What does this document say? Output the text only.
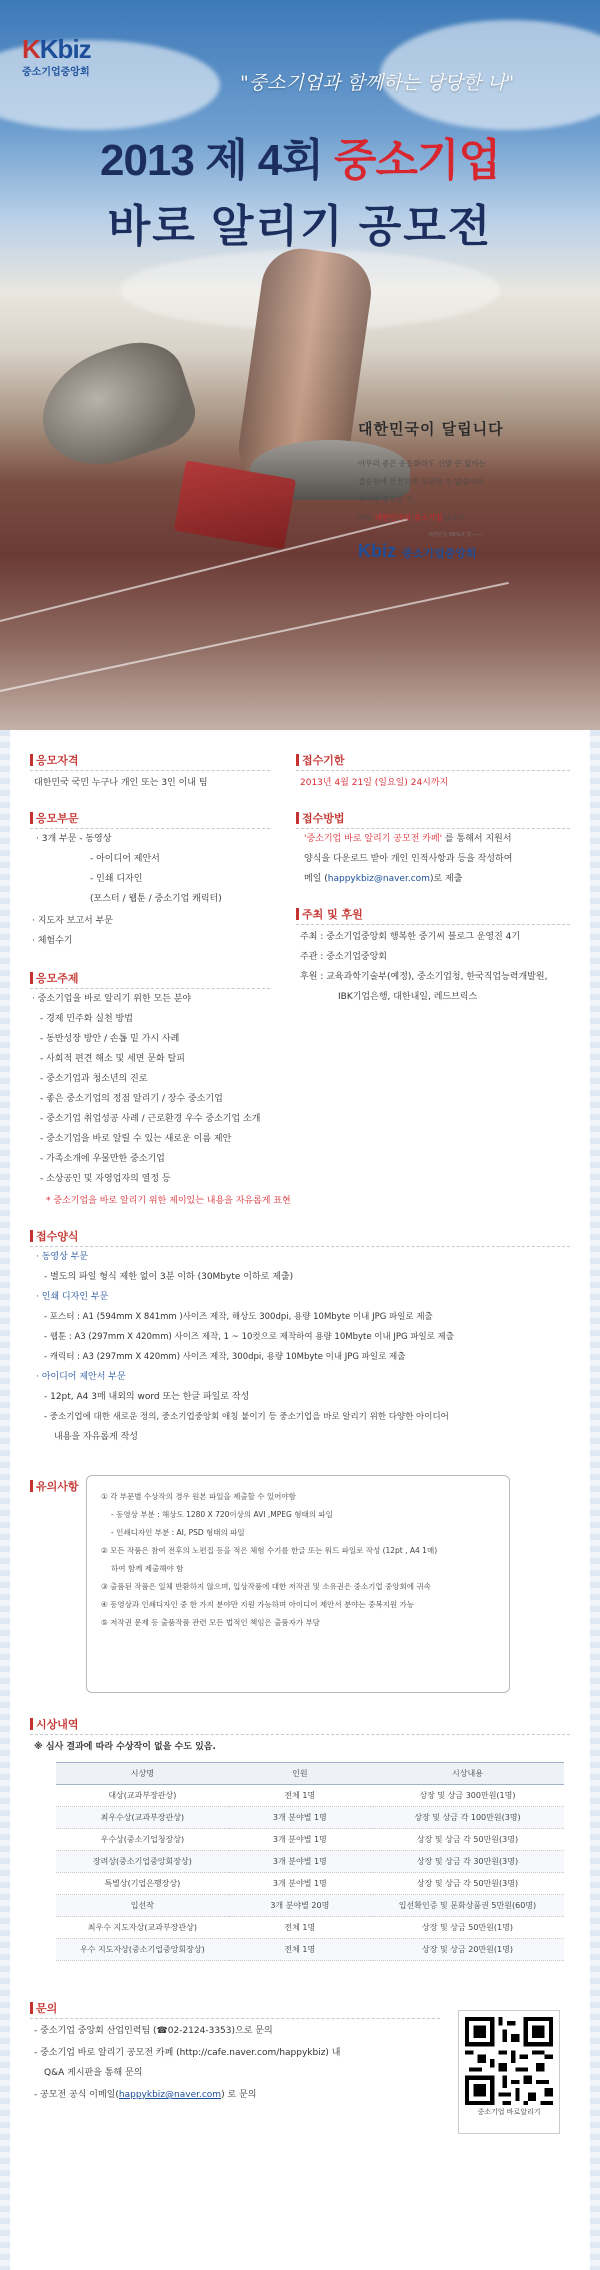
KKbiz
중소기업중앙회	"중소기업과 함께하는 당당한 나"
2013 제 4회 중소기업
바로 알리기 공모전
대한민국이 달립니다
아무리 좋은 운동화라도 신발 끈 없이는
결승점에 안전하게 도달할 수 없습니다
작지만 중요한 것,
바로 대한민국의 중소기업입니다
대한민국 99%의 힘 ——
Kbiz 중소기업중앙회
응모자격
대한민국 국민 누구나 개인 또는 3인 이내 팀
접수기한
2013년 4월 21일 (일요일) 24시까지
응모부문
· 3개 부문 - 동영상
- 아이디어 제안서
- 인쇄 디자인
(포스터 / 웹툰 / 중소기업 캐릭터)
· 지도자 보고서 부문
· 체험수기
접수방법
'중소기업 바로 알리기 공모전 카페' 를 통해서 지원서
양식을 다운로드 받아 개인 인적사항과 등을 작성하여
메일 (happykbiz@naver.com)로 제출
주최 및 후원
주최 : 중소기업중앙회 행복한 중기씨 블로그 운영진 4기
주관 : 중소기업중앙회
후원 : 교육과학기술부(예정), 중소기업청, 한국직업능력개발원,
IBK기업은행, 대한내일, 레드브릭스
응모주제
· 중소기업을 바로 알리기 위한 모든 분야
- 경제 민주화 실천 방법
- 동반성장 방안 / 손톱 밑 가시 사례
- 사회적 편견 해소 및 세면 문화 탈피
- 중소기업과 청소년의 진로
- 좋은 중소기업의 정점 알리기 / 장수 중소기업
- 중소기업 취업성공 사례 / 근로환경 우수 중소기업 소개
- 중소기업을 바로 알릴 수 있는 새로운 이름 제안
- 가족소개에 우물만한 중소기업
- 소상공인 및 자영업자의 열정 등
* 중소기업을 바로 알리기 위한 제이있는 내용을 자유롭게 표현
접수양식
· 동영상 부문
- 별도의 파일 형식 제한 없이 3분 이하 (30Mbyte 이하로 제출)
· 인쇄 디자인 부문
- 포스터 : A1 (594mm X 841mm )사이즈 제작, 해상도 300dpi, 용량 10Mbyte 이내 JPG 파일로 제출
- 웹툰 : A3 (297mm X 420mm) 사이즈 제작, 1 ~ 10컷으로 제작하여 용량 10Mbyte 이내 JPG 파일로 제출
- 캐릭터 : A3 (297mm X 420mm) 사이즈 제작, 300dpi, 용량 10Mbyte 이내 JPG 파일로 제출
· 아이디어 제안서 부문
- 12pt, A4 3매 내외의 word 또는 한글 파일로 작성
- 중소기업에 대한 새로운 정의, 중소기업중앙회 애칭 붙이기 등 중소기업을 바로 알리기 위한 다양한 아이디어
내용을 자유롭게 작성
유의사항
① 각 부문별 수상작의 경우 원본 파일을 제출할 수 있어야함
- 동영상 부분 : 해상도 1280 X 720이상의 AVI ,MPEG 형태의 파일
- 인쇄디자인 부분 : AI, PSD 형태의 파일
② 모든 작품은 참여 전후의 노편집 등을 적은 체험 수기를 한글 또는 워드 파일로 작성 (12pt , A4 1매)
하여 함께 제출해야 함
③ 출품된 작품은 일체 반환하지 않으며, 입상작품에 대한 저작권 및 소유권은 중소기업 중앙회에 귀속
④ 동영상과 인쇄디자인 중 한 가지 분야만 지원 가능하며 아이디어 제안서 분야는 중복지원 가능
⑤ 저작권 문제 등 출품작품 관련 모든 법적인 책임은 출품자가 부담
시상내역
※ 심사 결과에 따라 수상작이 없을 수도 있음.
시상명	인원	시상내용
대상(교과부장관상)	전체 1명	상장 및 상금 300만원(1명)
최우수상(교과부장관상)	3개 분야별 1명	상장 및 상금 각 100만원(3명)
우수상(중소기업청장상)	3개 분야별 1명	상장 및 상금 각 50만원(3명)
장려상(중소기업중앙회장상)	3개 분야별 1명	상장 및 상금 각 30만원(3명)
특별상(기업은행장상)	3개 분야별 1명	상장 및 상금 각 50만원(3명)
입선작	3개 분야별 20명	입선확인증 및 문화상품권 5만원(60명)
최우수 지도자상(교과부장관상)	전체 1명	상장 및 상금 50만원(1명)
우수 지도자상(중소기업중앙회장상)	전체 1명	상장 및 상금 20만원(1명)
문의
- 중소기업 중앙회 산업인력팀 (☎02-2124-3353)으로 문의
- 중소기업 바로 알리기 공모전 카페 (http://cafe.naver.com/happykbiz) 내
Q&A 게시판을 통해 문의
- 공모전 공식 이메일(happykbiz@naver.com) 로 문의
중소기업 바로알리기
